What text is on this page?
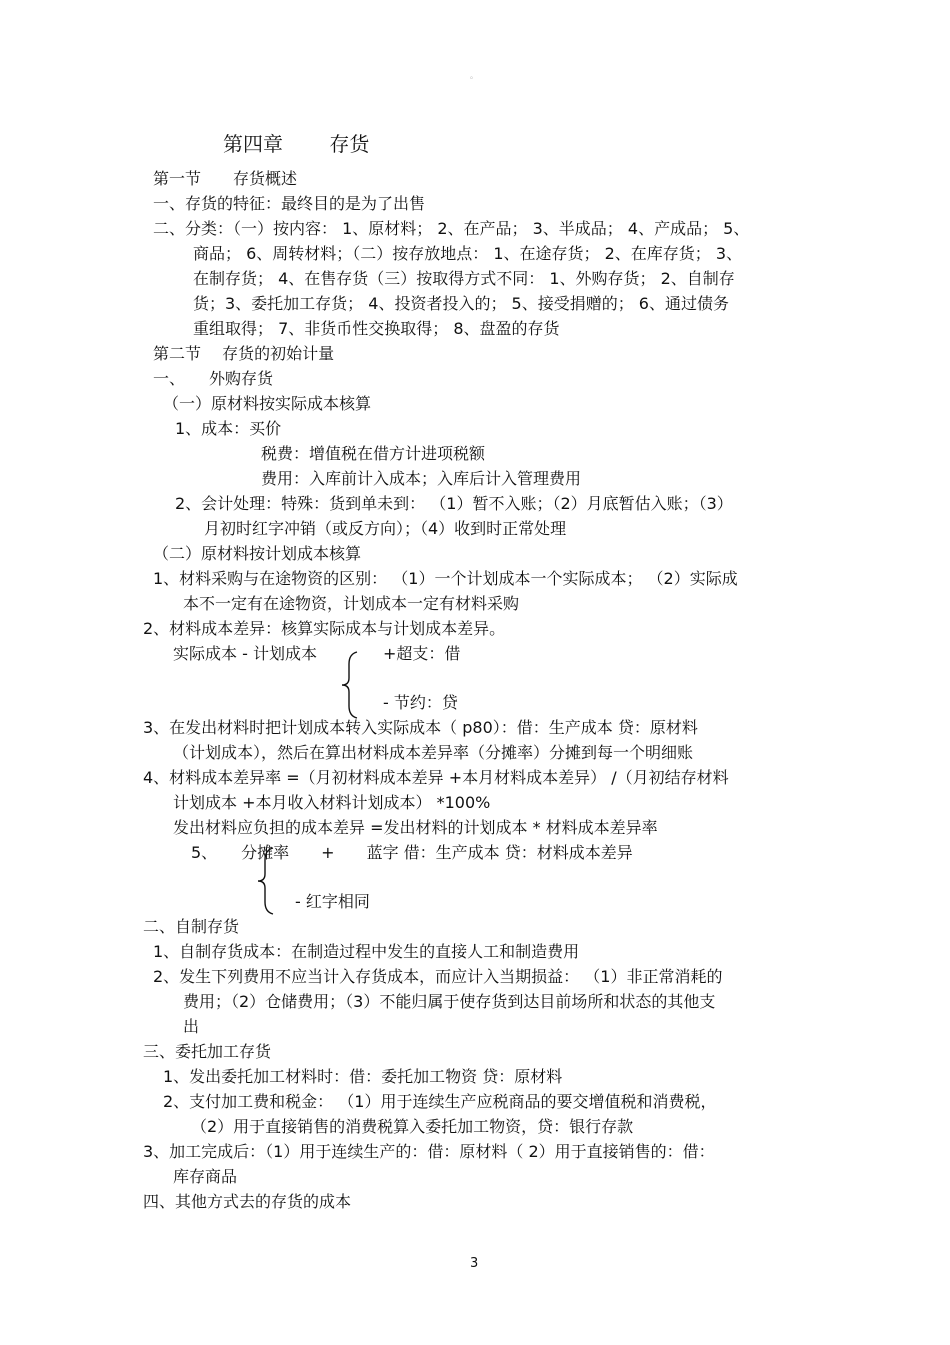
。
第四章　　 存货
第一节　　存货概述
一、存货的特征：最终目的是为了出售
二、分类：（一）按内容： 1、原材料； 2、在产品； 3、半成品； 4、产成品； 5、
商品； 6、周转材料；（二）按存放地点： 1、在途存货； 2、在库存货； 3、
在制存货； 4、在售存货（三）按取得方式不同： 1、外购存货； 2、自制存
货；3、委托加工存货； 4、投资者投入的； 5、接受捐赠的； 6、通过债务
重组取得； 7、非货币性交换取得； 8、盘盈的存货
第二节　 存货的初始计量
一、　　外购存货
（一）原材料按实际成本核算
1、成本：买价
税费：增值税在借方计进项税额
费用：入库前计入成本；入库后计入管理费用
2、会计处理：特殊：货到单未到： （1）暂不入账；（2）月底暂估入账；（3）
月初时红字冲销（或反方向）；（4）收到时正常处理
（二）原材料按计划成本核算
1、材料采购与在途物资的区别： （1）一个计划成本一个实际成本； （2）实际成
本不一定有在途物资，计划成本一定有材料采购
2、材料成本差异：核算实际成本与计划成本差异。
实际成本 - 计划成本	+超支：借
- 节约：贷
3、在发出材料时把计划成本转入实际成本（ p80）：借：生产成本 贷：原材料
（计划成本），然后在算出材料成本差异率（分摊率）分摊到每一个明细账
4、材料成本差异率 =（月初材料成本差异 +本月材料成本差异） /（月初结存材料
计划成本 +本月收入材料计划成本） *100%
发出材料应负担的成本差异 =发出材料的计划成本 * 材料成本差异率
5、　　分摊率　　+　　蓝字 借：生产成本 贷：材料成本差异
- 红字相同
二、自制存货
1、自制存货成本：在制造过程中发生的直接人工和制造费用
2、发生下列费用不应当计入存货成本，而应计入当期损益： （1）非正常消耗的
费用；（2）仓储费用；（3）不能归属于使存货到达目前场所和状态的其他支
出
三、委托加工存货
1、发出委托加工材料时：借：委托加工物资 贷：原材料
2、支付加工费和税金： （1）用于连续生产应税商品的要交增值税和消费税，
（2）用于直接销售的消费税算入委托加工物资，贷：银行存款
3、加工完成后：（1）用于连续生产的：借：原材料（ 2）用于直接销售的：借：
库存商品
四、其他方式去的存货的成本
3
